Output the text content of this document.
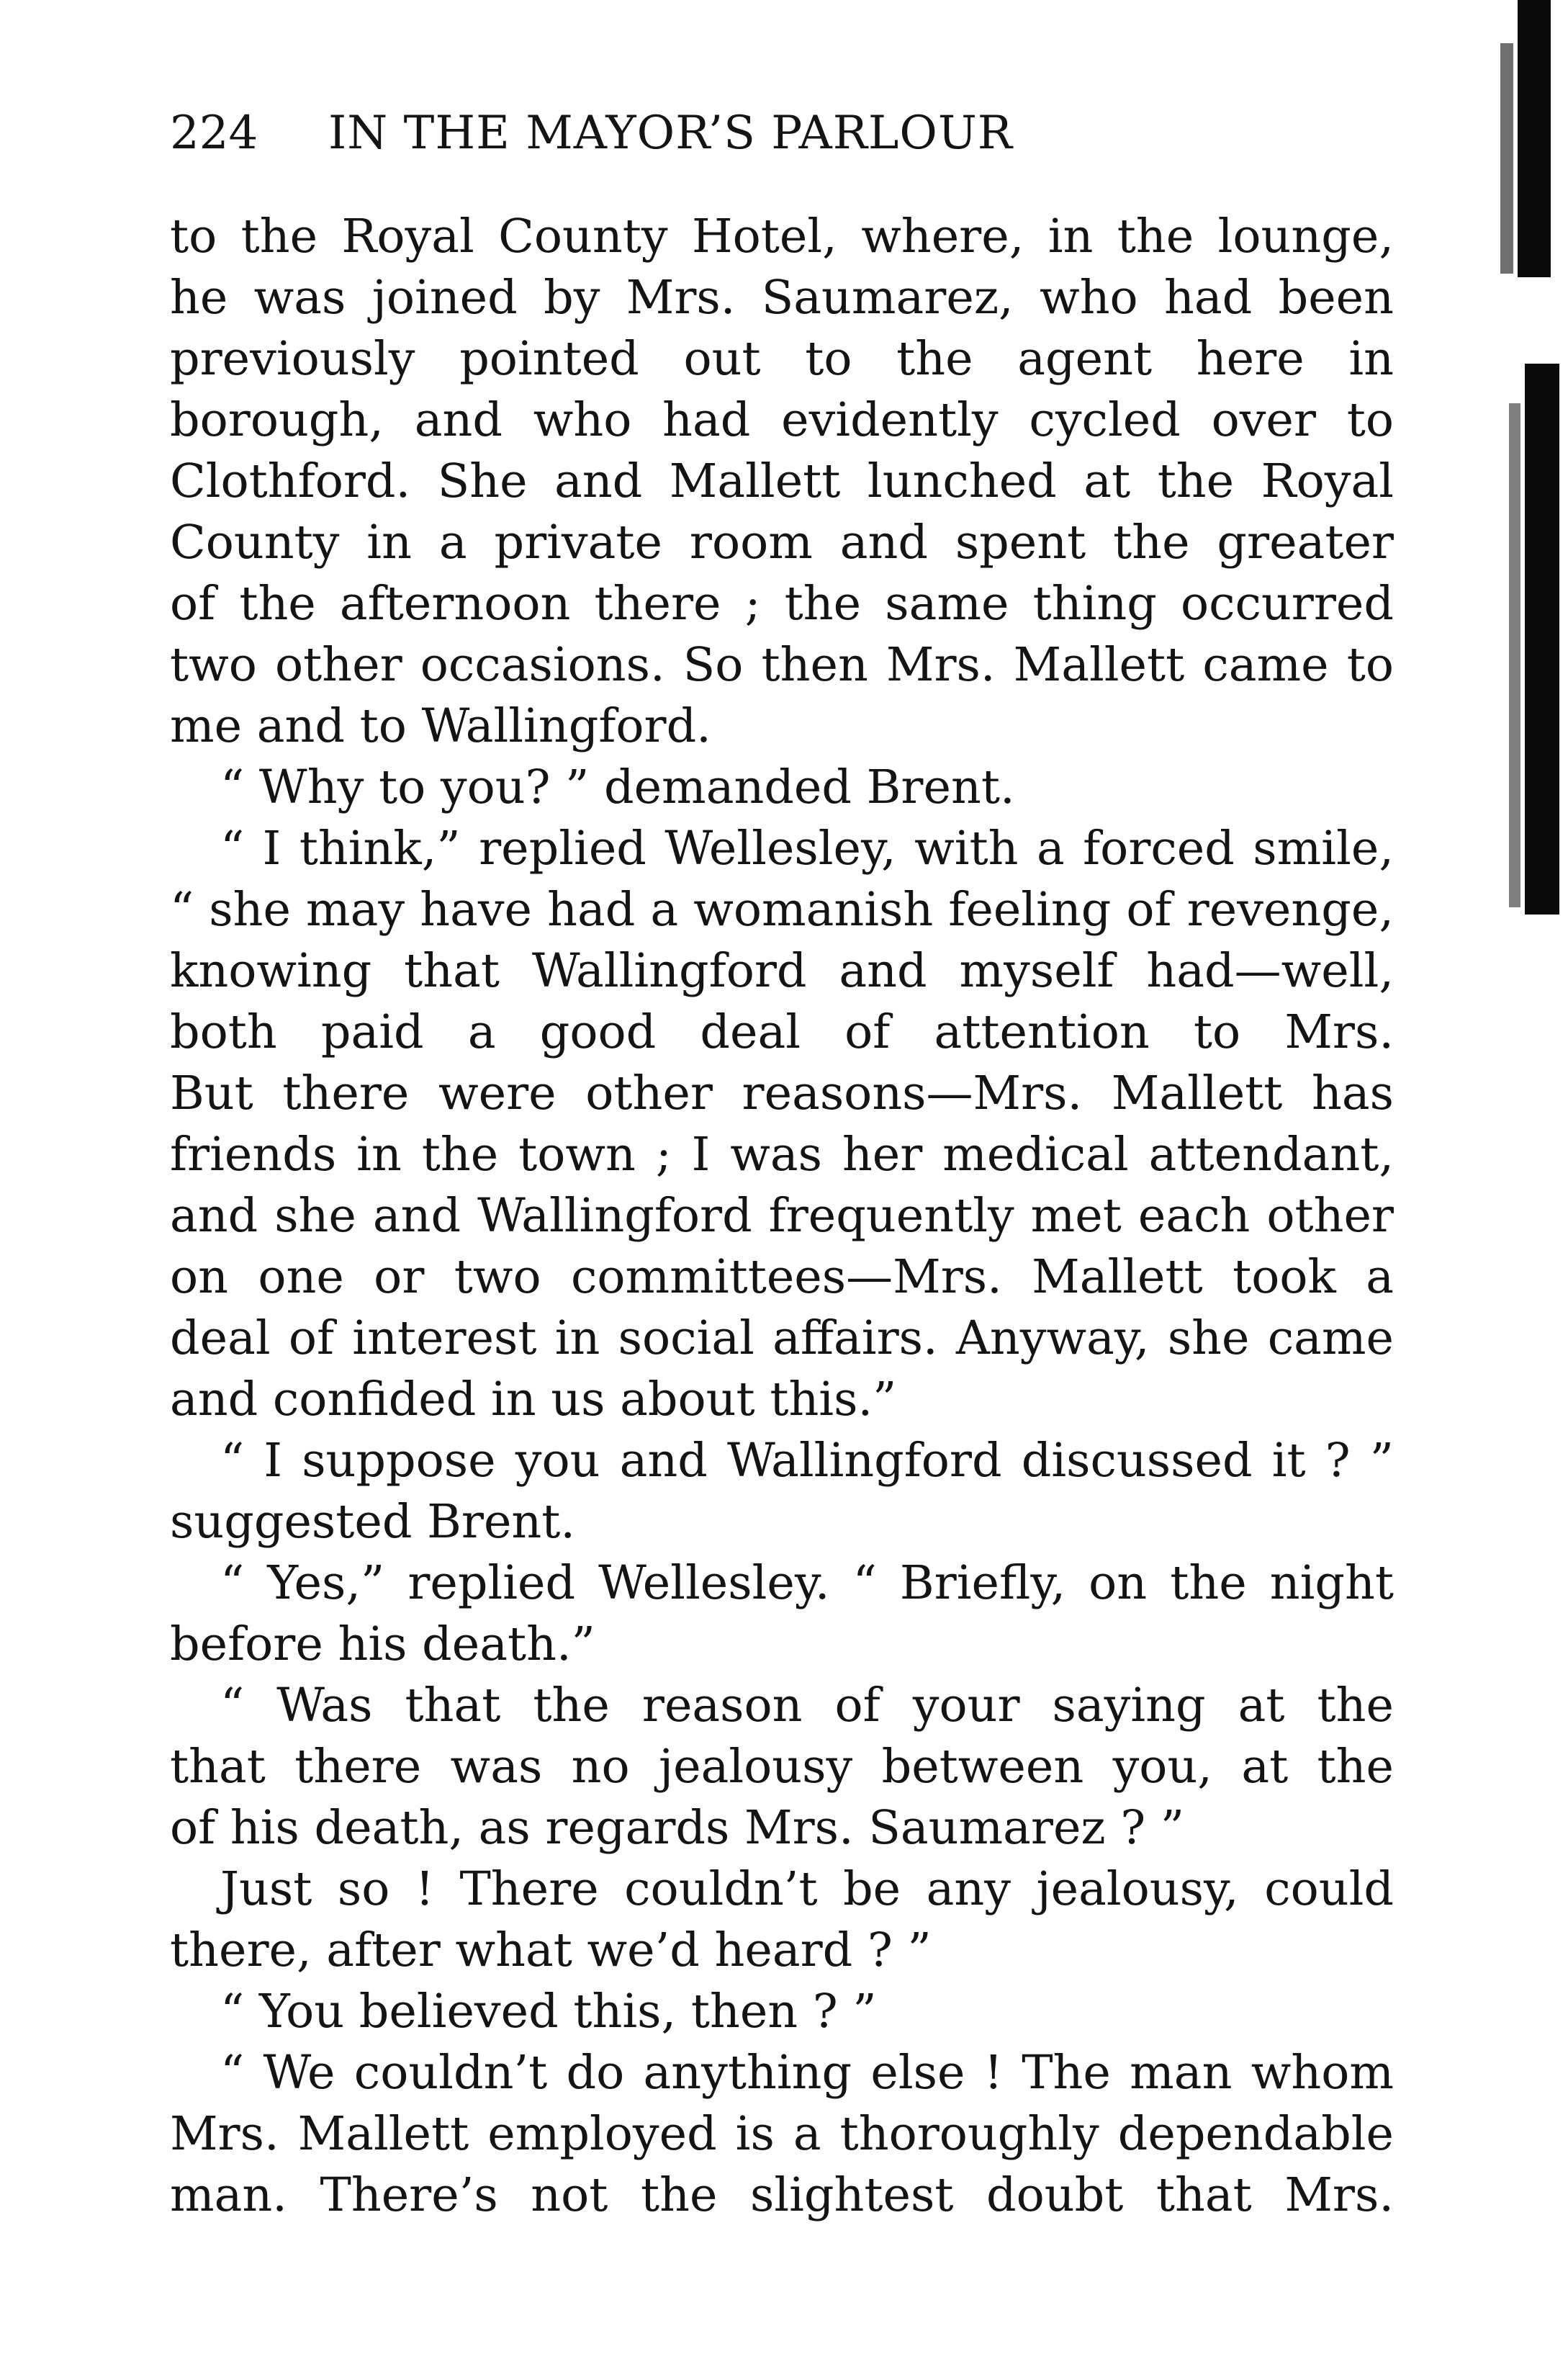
224 IN THE MAYOR’S PARLOUR
to the Royal County Hotel, where, in the lounge,
he was joined by Mrs. Saumarez, who had been
previously pointed out to the agent here in
borough, and who had evidently cycled over to
Clothford. She and Mallett lunched at the Royal
County in a private room and spent the greater
of the afternoon there ; the same thing occurred
two other occasions. So then Mrs. Mallett came to
me and to Wallingford.
“ Why to you? ” demanded Brent.
“ I think,” replied Wellesley, with a forced smile,
“ she may have had a womanish feeling of revenge,
knowing that Wallingford and myself had—well,
both paid a good deal of attention to Mrs.
But there were other reasons—Mrs. Mallett has
friends in the town ; I was her medical attendant,
and she and Wallingford frequently met each other
on one or two committees—Mrs. Mallett took a
deal of interest in social affairs. Anyway, she came
and confided in us about this.”
“ I suppose you and Wallingford discussed it ? ”
suggested Brent.
“ Yes,” replied Wellesley. “ Briefly, on the night
before his death.”
“ Was that the reason of your saying at the
that there was no jealousy between you, at the
of his death, as regards Mrs. Saumarez ? ”
Just so ! There couldn’t be any jealousy, could
there, after what we’d heard ? ”
“ You believed this, then ? ”
“ We couldn’t do anything else ! The man whom
Mrs. Mallett employed is a thoroughly dependable
man. There’s not the slightest doubt that Mrs.
